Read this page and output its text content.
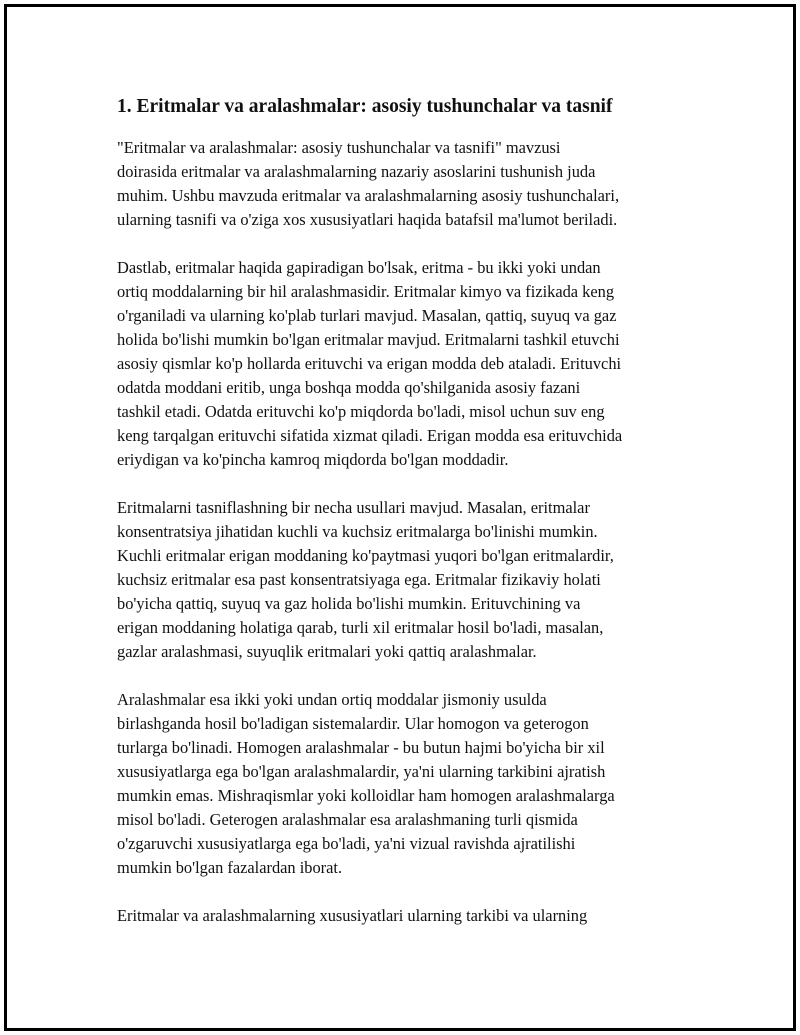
1. Eritmalar va aralashmalar: asosiy tushunchalar va tasnif

"Eritmalar va aralashmalar: asosiy tushunchalar va tasnifi" mavzusi
doirasida eritmalar va aralashmalarning nazariy asoslarini tushunish juda
muhim. Ushbu mavzuda eritmalar va aralashmalarning asosiy tushunchalari,
ularning tasnifi va o'ziga xos xususiyatlari haqida batafsil ma'lumot beriladi.

Dastlab, eritmalar haqida gapiradigan bo'lsak, eritma - bu ikki yoki undan
ortiq moddalarning bir hil aralashmasidir. Eritmalar kimyo va fizikada keng
o'rganiladi va ularning ko'plab turlari mavjud. Masalan, qattiq, suyuq va gaz
holida bo'lishi mumkin bo'lgan eritmalar mavjud. Eritmalarni tashkil etuvchi
asosiy qismlar ko'p hollarda erituvchi va erigan modda deb ataladi. Erituvchi
odatda moddani eritib, unga boshqa modda qo'shilganida asosiy fazani
tashkil etadi. Odatda erituvchi ko'p miqdorda bo'ladi, misol uchun suv eng
keng tarqalgan erituvchi sifatida xizmat qiladi. Erigan modda esa erituvchida
eriydigan va ko'pincha kamroq miqdorda bo'lgan moddadir.

Eritmalarni tasniflashning bir necha usullari mavjud. Masalan, eritmalar
konsentratsiya jihatidan kuchli va kuchsiz eritmalarga bo'linishi mumkin.
Kuchli eritmalar erigan moddaning ko'paytmasi yuqori bo'lgan eritmalardir,
kuchsiz eritmalar esa past konsentratsiyaga ega. Eritmalar fizikaviy holati
bo'yicha qattiq, suyuq va gaz holida bo'lishi mumkin. Erituvchining va
erigan moddaning holatiga qarab, turli xil eritmalar hosil bo'ladi, masalan,
gazlar aralashmasi, suyuqlik eritmalari yoki qattiq aralashmalar.

Aralashmalar esa ikki yoki undan ortiq moddalar jismoniy usulda
birlashganda hosil bo'ladigan sistemalardir. Ular homogon va geterogon
turlarga bo'linadi. Homogen aralashmalar - bu butun hajmi bo'yicha bir xil
xususiyatlarga ega bo'lgan aralashmalardir, ya'ni ularning tarkibini ajratish
mumkin emas. Mishraqismlar yoki kolloidlar ham homogen aralashmalarga
misol bo'ladi. Geterogen aralashmalar esa aralashmaning turli qismida
o'zgaruvchi xususiyatlarga ega bo'ladi, ya'ni vizual ravishda ajratilishi
mumkin bo'lgan fazalardan iborat.

Eritmalar va aralashmalarning xususiyatlari ularning tarkibi va ularning
